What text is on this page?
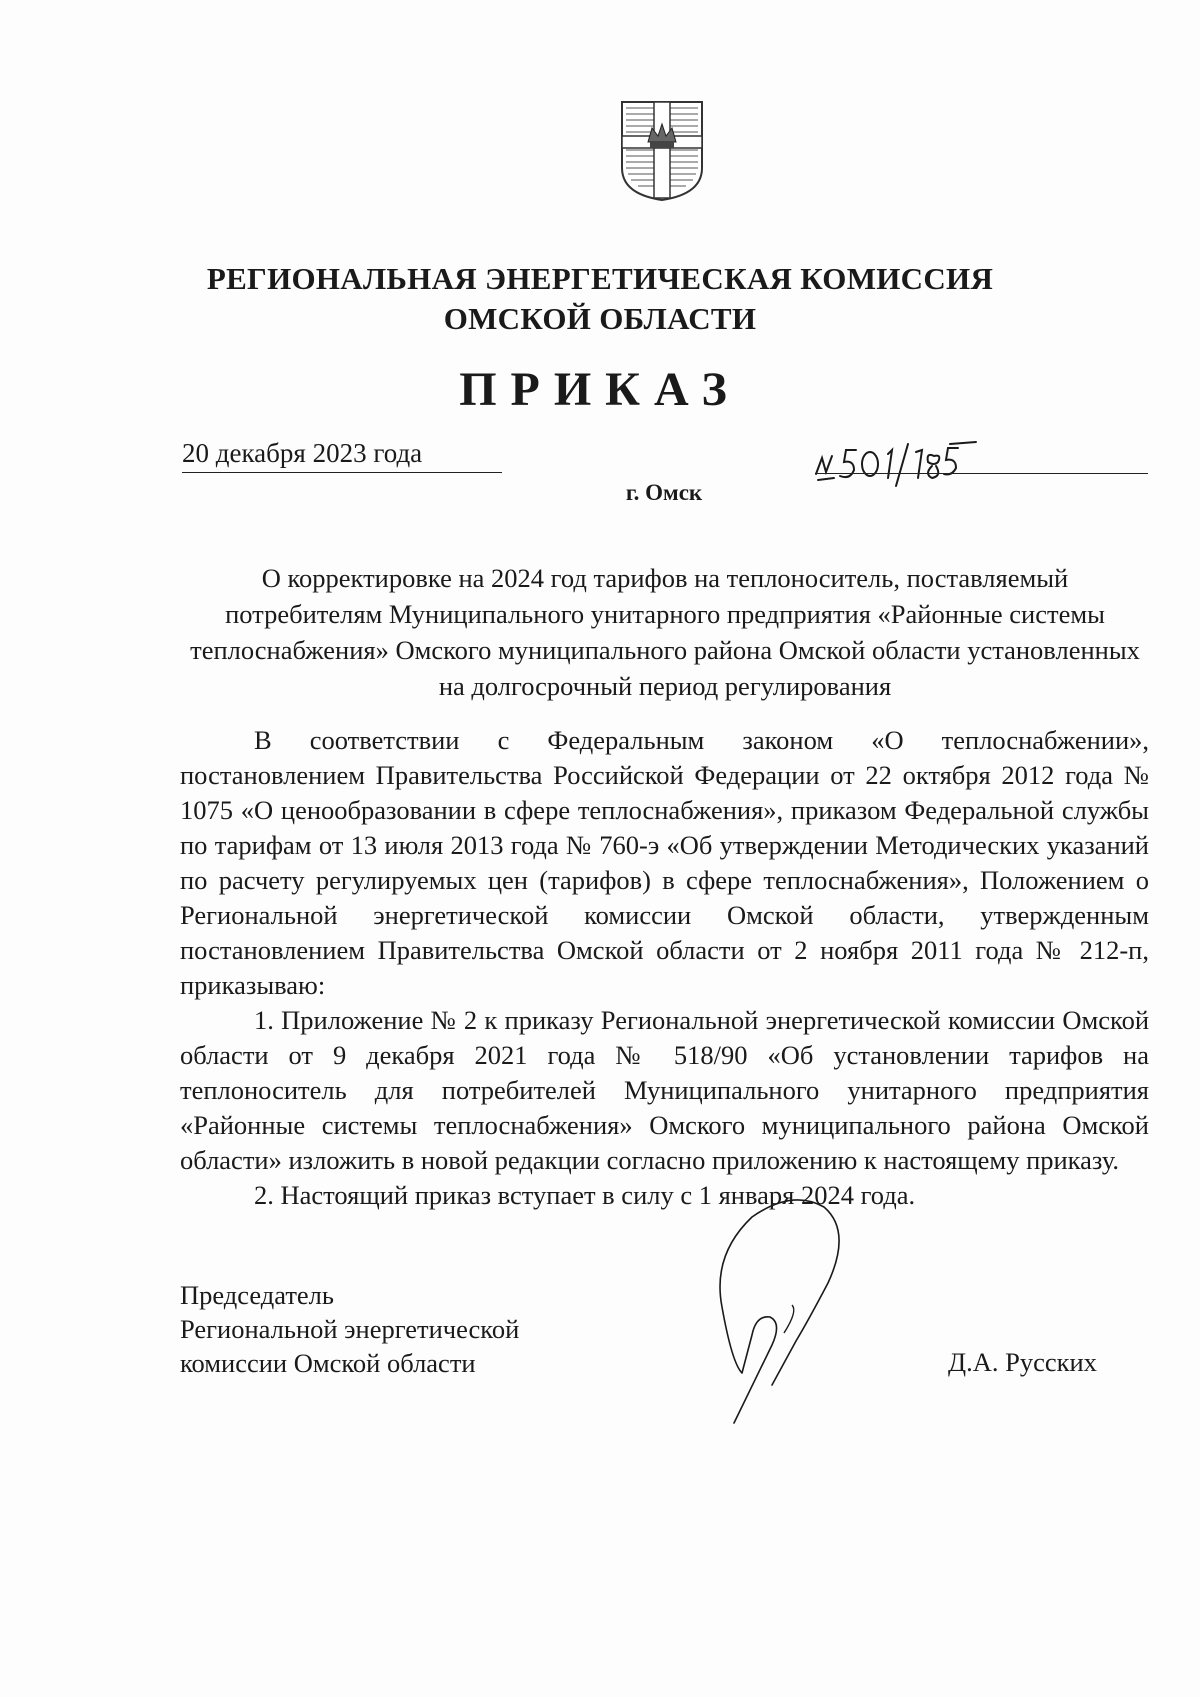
РЕГИОНАЛЬНАЯ ЭНЕРГЕТИЧЕСКАЯ КОМИССИЯ
ОМСКОЙ ОБЛАСТИ
ПРИКАЗ
20 декабря 2023 года
г. Омск
О корректировке на 2024 год тарифов на теплоноситель, поставляемый потребителям Муниципального унитарного предприятия «Районные системы теплоснабжения» Омского муниципального района Омской области установленных на долгосрочный период регулирования

В соответствии с Федеральным законом «О теплоснабжении», постановлением Правительства Российской Федерации от 22 октября 2012 года № 1075 «О ценообразовании в сфере теплоснабжения», приказом Федеральной службы по тарифам от 13 июля 2013 года № 760-э «Об утверждении Методических указаний по расчету регулируемых цен (тарифов) в сфере теплоснабжения», Положением о Региональной энергетической комиссии Омской области, утвержденным постановлением Правительства Омской области от 2 ноября 2011 года № 212-п, приказываю:

1. Приложение № 2 к приказу Региональной энергетической комиссии Омской области от 9 декабря 2021 года № 518/90 «Об установлении тарифов на теплоноситель для потребителей Муниципального унитарного предприятия «Районные системы теплоснабжения» Омского муниципального района Омской области» изложить в новой редакции согласно приложению к настоящему приказу.

2. Настоящий приказ вступает в силу с 1 января 2024 года.

Председатель
Региональной энергетической
комиссии Омской области	Д.А. Русских
